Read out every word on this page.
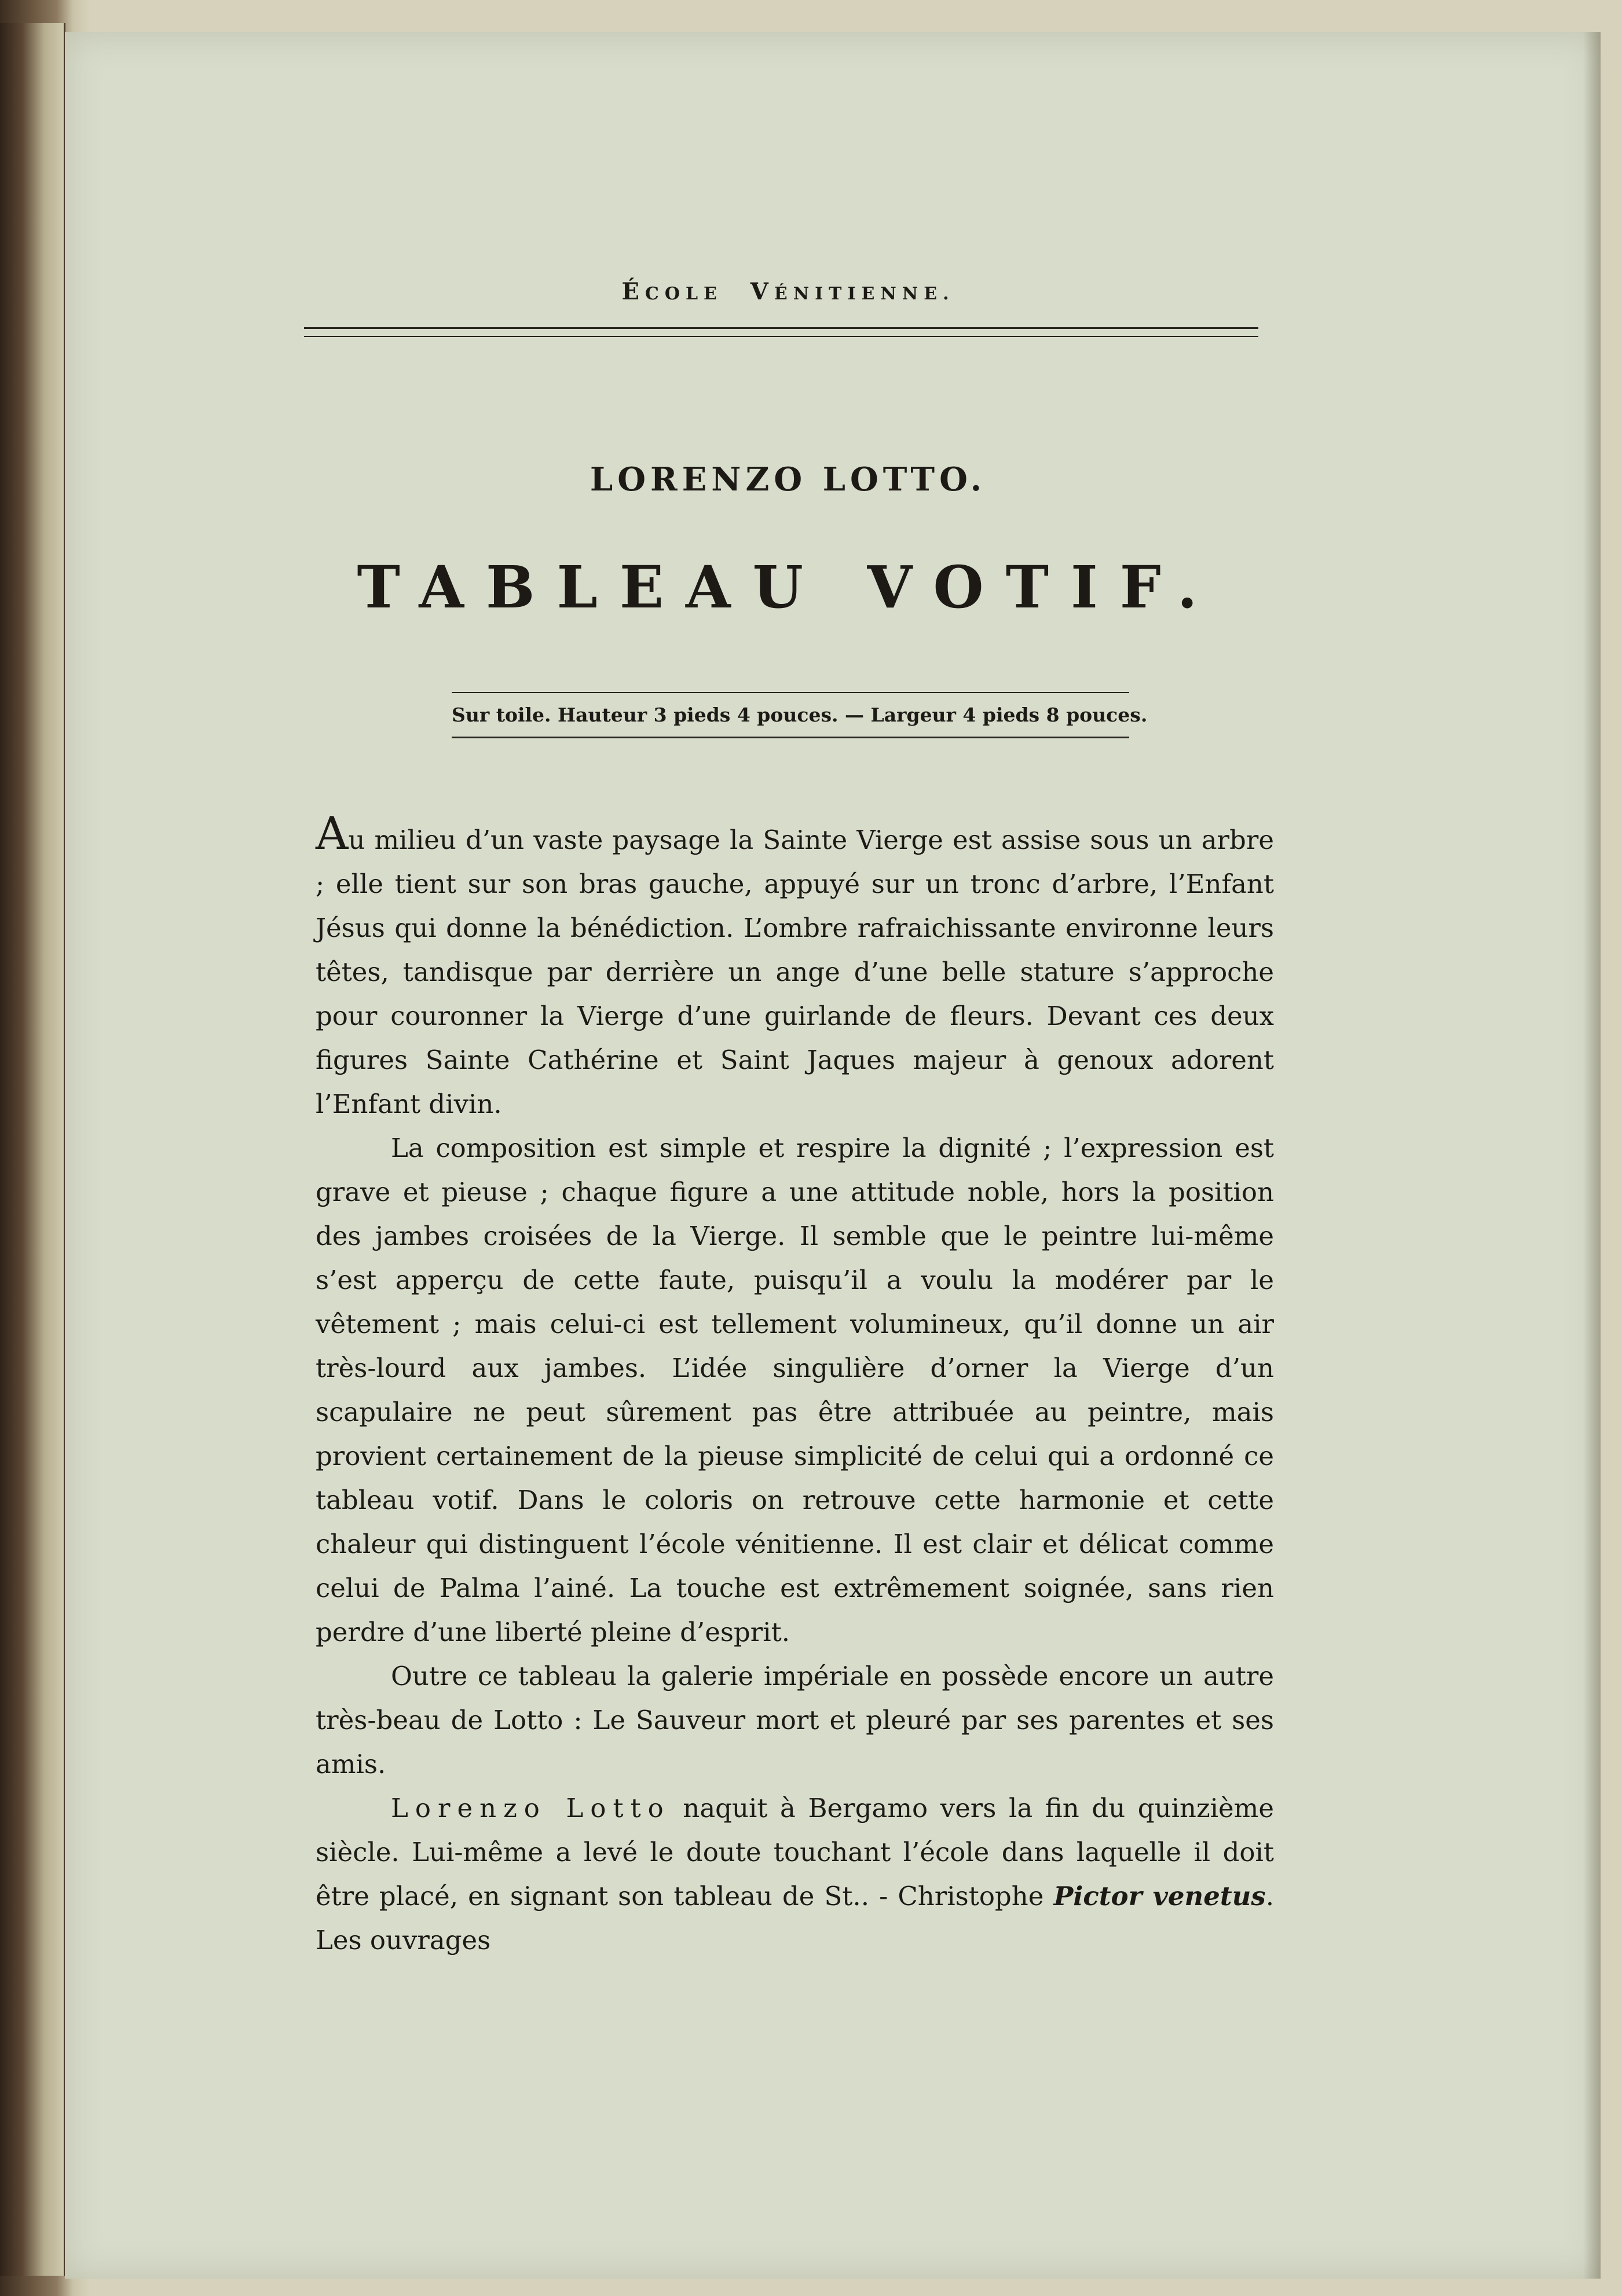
ÉCOLE VÉNITIENNE.
LORENZO LOTTO.
TABLEAU VOTIF.
Sur toile. Hauteur 3 pieds 4 pouces. — Largeur 4 pieds 8 pouces.

Au milieu d’un vaste paysage la Sainte Vierge est assise sous un arbre ; elle tient sur son bras gauche, appuyé sur un tronc d’arbre, l’Enfant Jésus qui donne la bénédiction. L’ombre rafraichissante environne leurs têtes, tandisque par derrière un ange d’une belle stature s’approche pour couronner la Vierge d’une guirlande de fleurs. Devant ces deux figures Sainte Cathérine et Saint Jaques majeur à genoux adorent l’Enfant divin.

La composition est simple et respire la dignité ; l’expression est grave et pieuse ; chaque figure a une attitude noble, hors la position des jambes croisées de la Vierge. Il semble que le peintre lui-même s’est apperçu de cette faute, puisqu’il a voulu la modérer par le vêtement ; mais celui-ci est tellement volumineux, qu’il donne un air très-lourd aux jambes. L’idée singulière d’orner la Vierge d’un scapulaire ne peut sûrement pas être attribuée au peintre, mais provient certainement de la pieuse simplicité de celui qui a ordonné ce tableau votif. Dans le coloris on retrouve cette harmonie et cette chaleur qui distinguent l’école vénitienne. Il est clair et délicat comme celui de Palma l’ainé. La touche est extrêmement soignée, sans rien perdre d’une liberté pleine d’esprit.

Outre ce tableau la galerie impériale en possède encore un autre très-beau de Lotto : Le Sauveur mort et pleuré par ses parentes et ses amis.

Lorenzo Lotto naquit à Bergamo vers la fin du quinzième siècle. Lui-même a levé le doute touchant l’école dans laquelle il doit être placé, en signant son tableau de St.. - Christophe Pictor venetus. Les ouvrages
